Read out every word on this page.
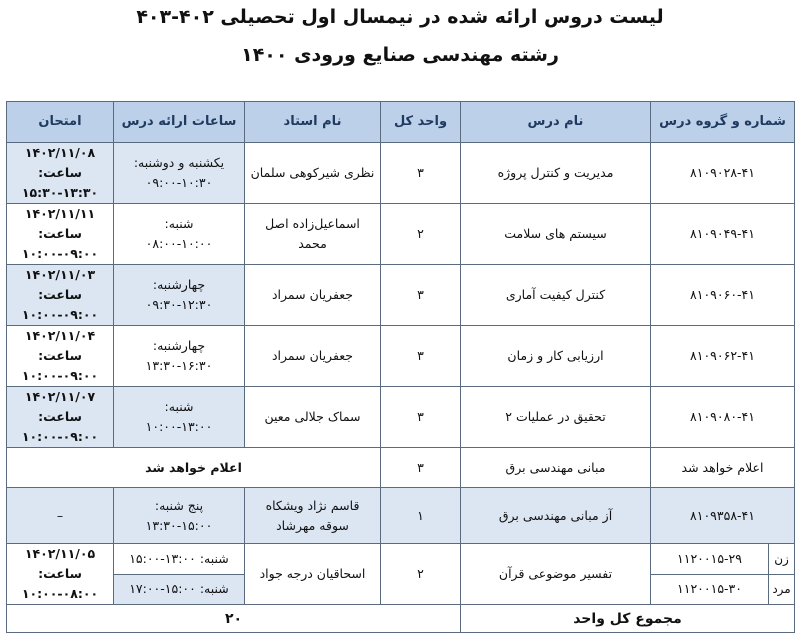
لیست دروس ارائه شده در نیمسال اول تحصیلی ۴۰۲-۴۰۳
رشته مهندسی صنایع ورودی ۱۴۰۰
شماره و گروه درس		نام درس	واحد کل	نام استاد	ساعات ارائه درس	امتحان
۸۱۰۹۰۲۸-۴۱		مدیریت و کنترل پروژه	۳	نظری شیرکوهی سلمان	یکشنبه و دوشنبه:
۰۹:۰۰-۱۰:۳۰	۱۴۰۲/۱۱/۰۸
ساعت: ۱۳:۳۰-۱۵:۳۰

۸۱۰۹۰۴۹-۴۱		سیستم های سلامت	۲	اسماعیل‌زاده اصل محمد	شنبه:
۰۸:۰۰-۱۰:۰۰	۱۴۰۲/۱۱/۱۱
ساعت: ۰۹:۰۰-۱۰:۰۰

۸۱۰۹۰۶۰-۴۱		کنترل کیفیت آماری	۳	جعفریان سمراد	چهارشنبه:
۰۹:۳۰-۱۲:۳۰	۱۴۰۲/۱۱/۰۳
ساعت: ۰۹:۰۰-۱۰:۰۰

۸۱۰۹۰۶۲-۴۱		ارزیابی کار و زمان	۳	جعفریان سمراد	چهارشنبه:
۱۳:۳۰-۱۶:۳۰	۱۴۰۲/۱۱/۰۴
ساعت: ۰۹:۰۰-۱۰:۰۰

۸۱۰۹۰۸۰-۴۱		تحقیق در عملیات ۲	۳	سماک جلالی معین	شنبه:
۱۰:۰۰-۱۳:۰۰	۱۴۰۲/۱۱/۰۷
ساعت: ۰۹:۰۰-۱۰:۰۰

اعلام خواهد شد		مبانی مهندسی برق	۳	اعلام خواهد شد		
۸۱۰۹۳۵۸-۴۱		آز مبانی مهندسی برق	۱	قاسم نژاد ویشکاه سوقه مهرشاد	پنج شنبه:
۱۳:۳۰-۱۵:۰۰	–
زن	۱۱۲۰۰۱۵-۲۹	تفسیر موضوعی قرآن	۲	اسحاقیان درجه جواد	شنبه: ۱۳:۰۰-۱۵:۰۰	۱۴۰۲/۱۱/۰۵
ساعت: ۰۸:۰۰-۱۰:۰۰

مرد	۱۱۲۰۰۱۵-۳۰				شنبه: ۱۵:۰۰-۱۷:۰۰	
مجموع کل واحد			۲۰			
